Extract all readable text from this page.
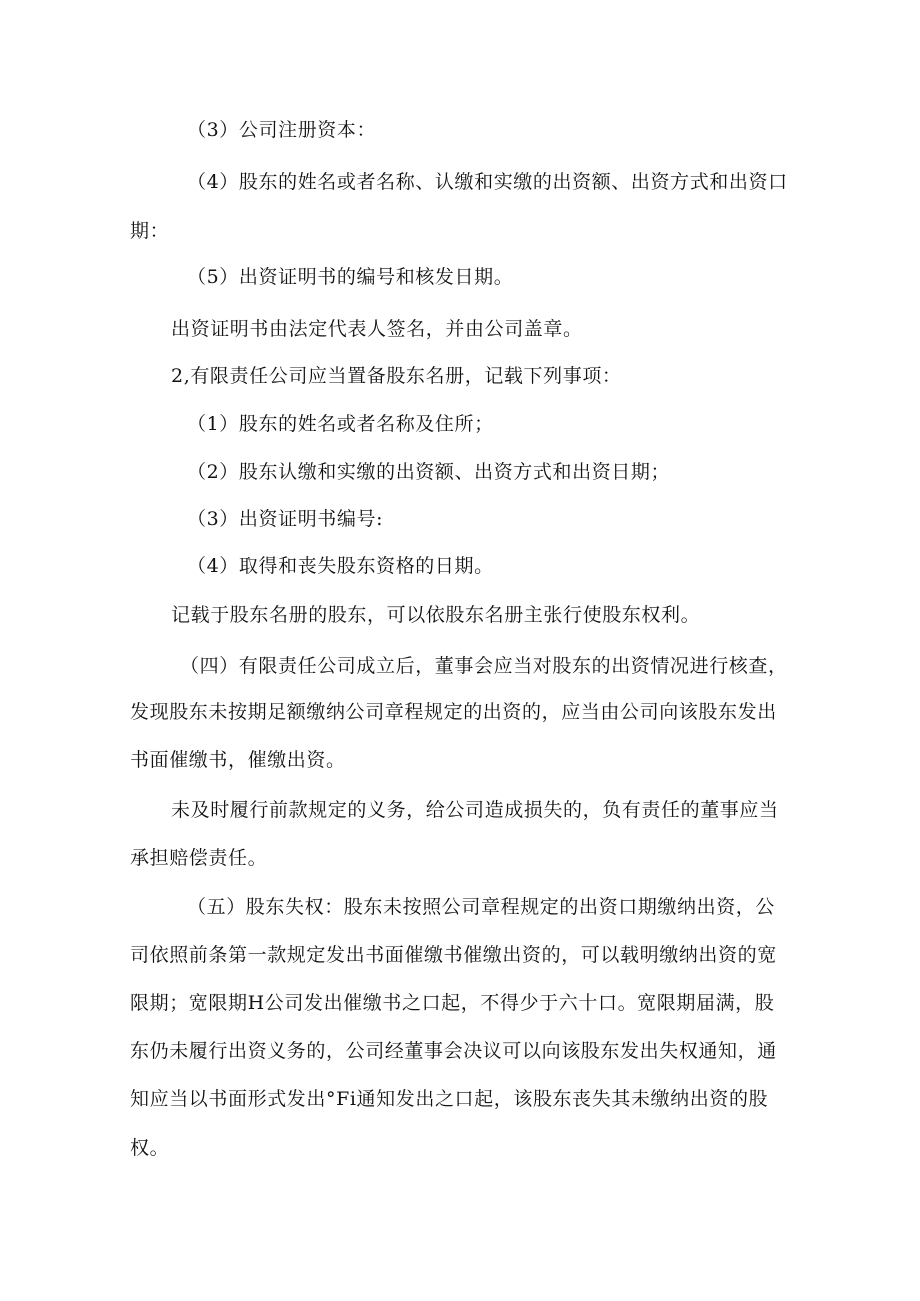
（3）公司注册资本：
（4）股东的姓名或者名称、认缴和实缴的出资额、出资方式和出资口
期：
（5）出资证明书的编号和核发日期。
出资证明书由法定代表人签名，并由公司盖章。
2,有限责任公司应当置备股东名册，记载下列事项：
（1）股东的姓名或者名称及住所；
（2）股东认缴和实缴的出资额、出资方式和出资日期；
（3）出资证明书编号:
（4）取得和丧失股东资格的日期。
记载于股东名册的股东，可以依股东名册主张行使股东权利。
（四）有限责任公司成立后，董事会应当对股东的出资情况进行核查，
发现股东未按期足额缴纳公司章程规定的出资的，应当由公司向该股东发出
书面催缴书，催缴出资。
未及时履行前款规定的义务，给公司造成损失的，负有责任的董事应当
承担赔偿责任。
（五）股东失权：股东未按照公司章程规定的出资口期缴纳出资，公
司依照前条第一款规定发出书面催缴书催缴出资的，可以载明缴纳出资的宽
限期；宽限期H公司发出催缴书之口起，不得少于六十口。宽限期届满，股
东仍未履行出资义务的，公司经董事会决议可以向该股东发出失权通知，通
知应当以书面形式发出°Fi通知发出之口起，该股东丧失其未缴纳出资的股
权。
